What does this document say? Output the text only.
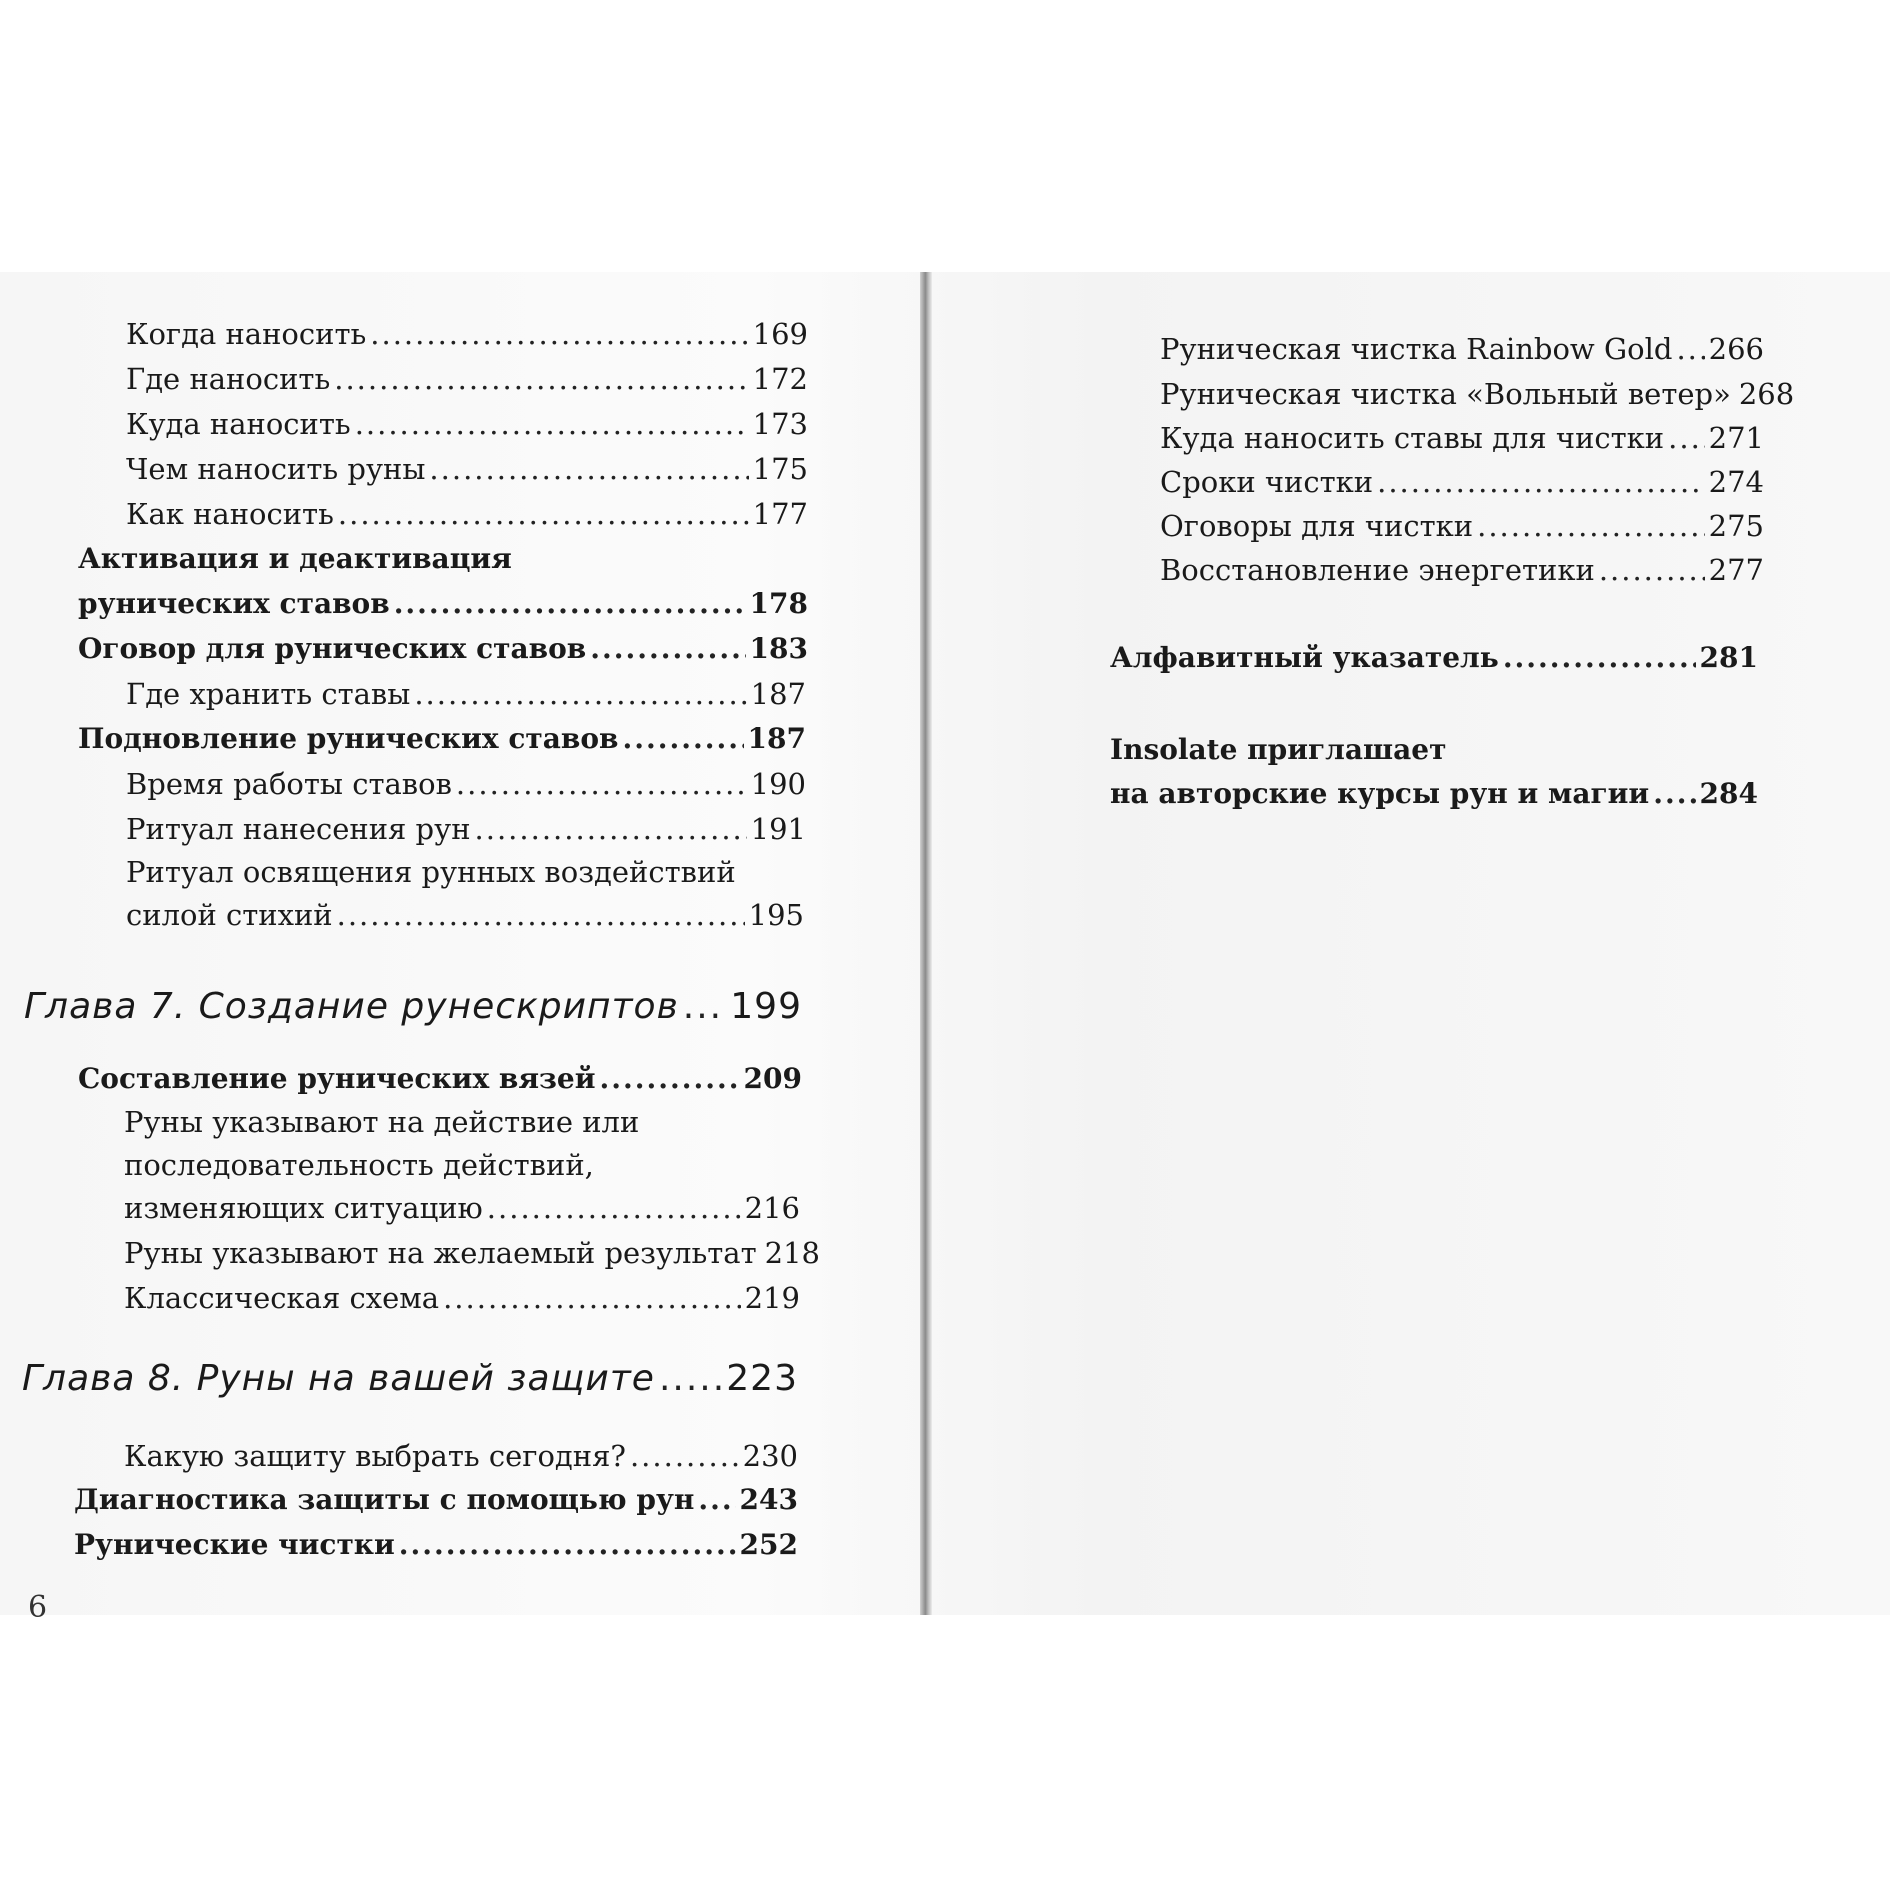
Когда наносить .....	169
Где наносить .....	172
Куда наносить .....	173
Чем наносить руны .....	175
Как наносить .....	177
Активация и деактивация
рунических ставов .....	178
Оговор для рунических ставов .....	183
Где хранить ставы .....	187
Подновление рунических ставов .....	187
Время работы ставов .....	190
Ритуал нанесения рун .....	191
Ритуал освящения рунных воздействий
силой стихий .....	195
Глава 7. Создание рунескриптов ..... 199
Составление рунических вязей .....	209
Руны указывают на действие или
последовательность действий,
изменяющих ситуацию .....	216
Руны указывают на желаемый результат 218
Классическая схема .....	219
Глава 8. Руны на вашей защите ..... 223
Какую защиту выбрать сегодня? .....	230
Диагностика защиты с помощью рун ..... 243
Рунические чистки .....	252
6
Руническая чистка Rainbow Gold ..... 266
Руническая чистка «Вольный ветер» 268
Куда наносить ставы для чистки ..... 271
Сроки чистки .....	274
Оговоры для чистки .....	275
Восстановление энергетики .....	277
Алфавитный указатель .....	281
Insolate приглашает
на авторские курсы рун и магии ..... 284
